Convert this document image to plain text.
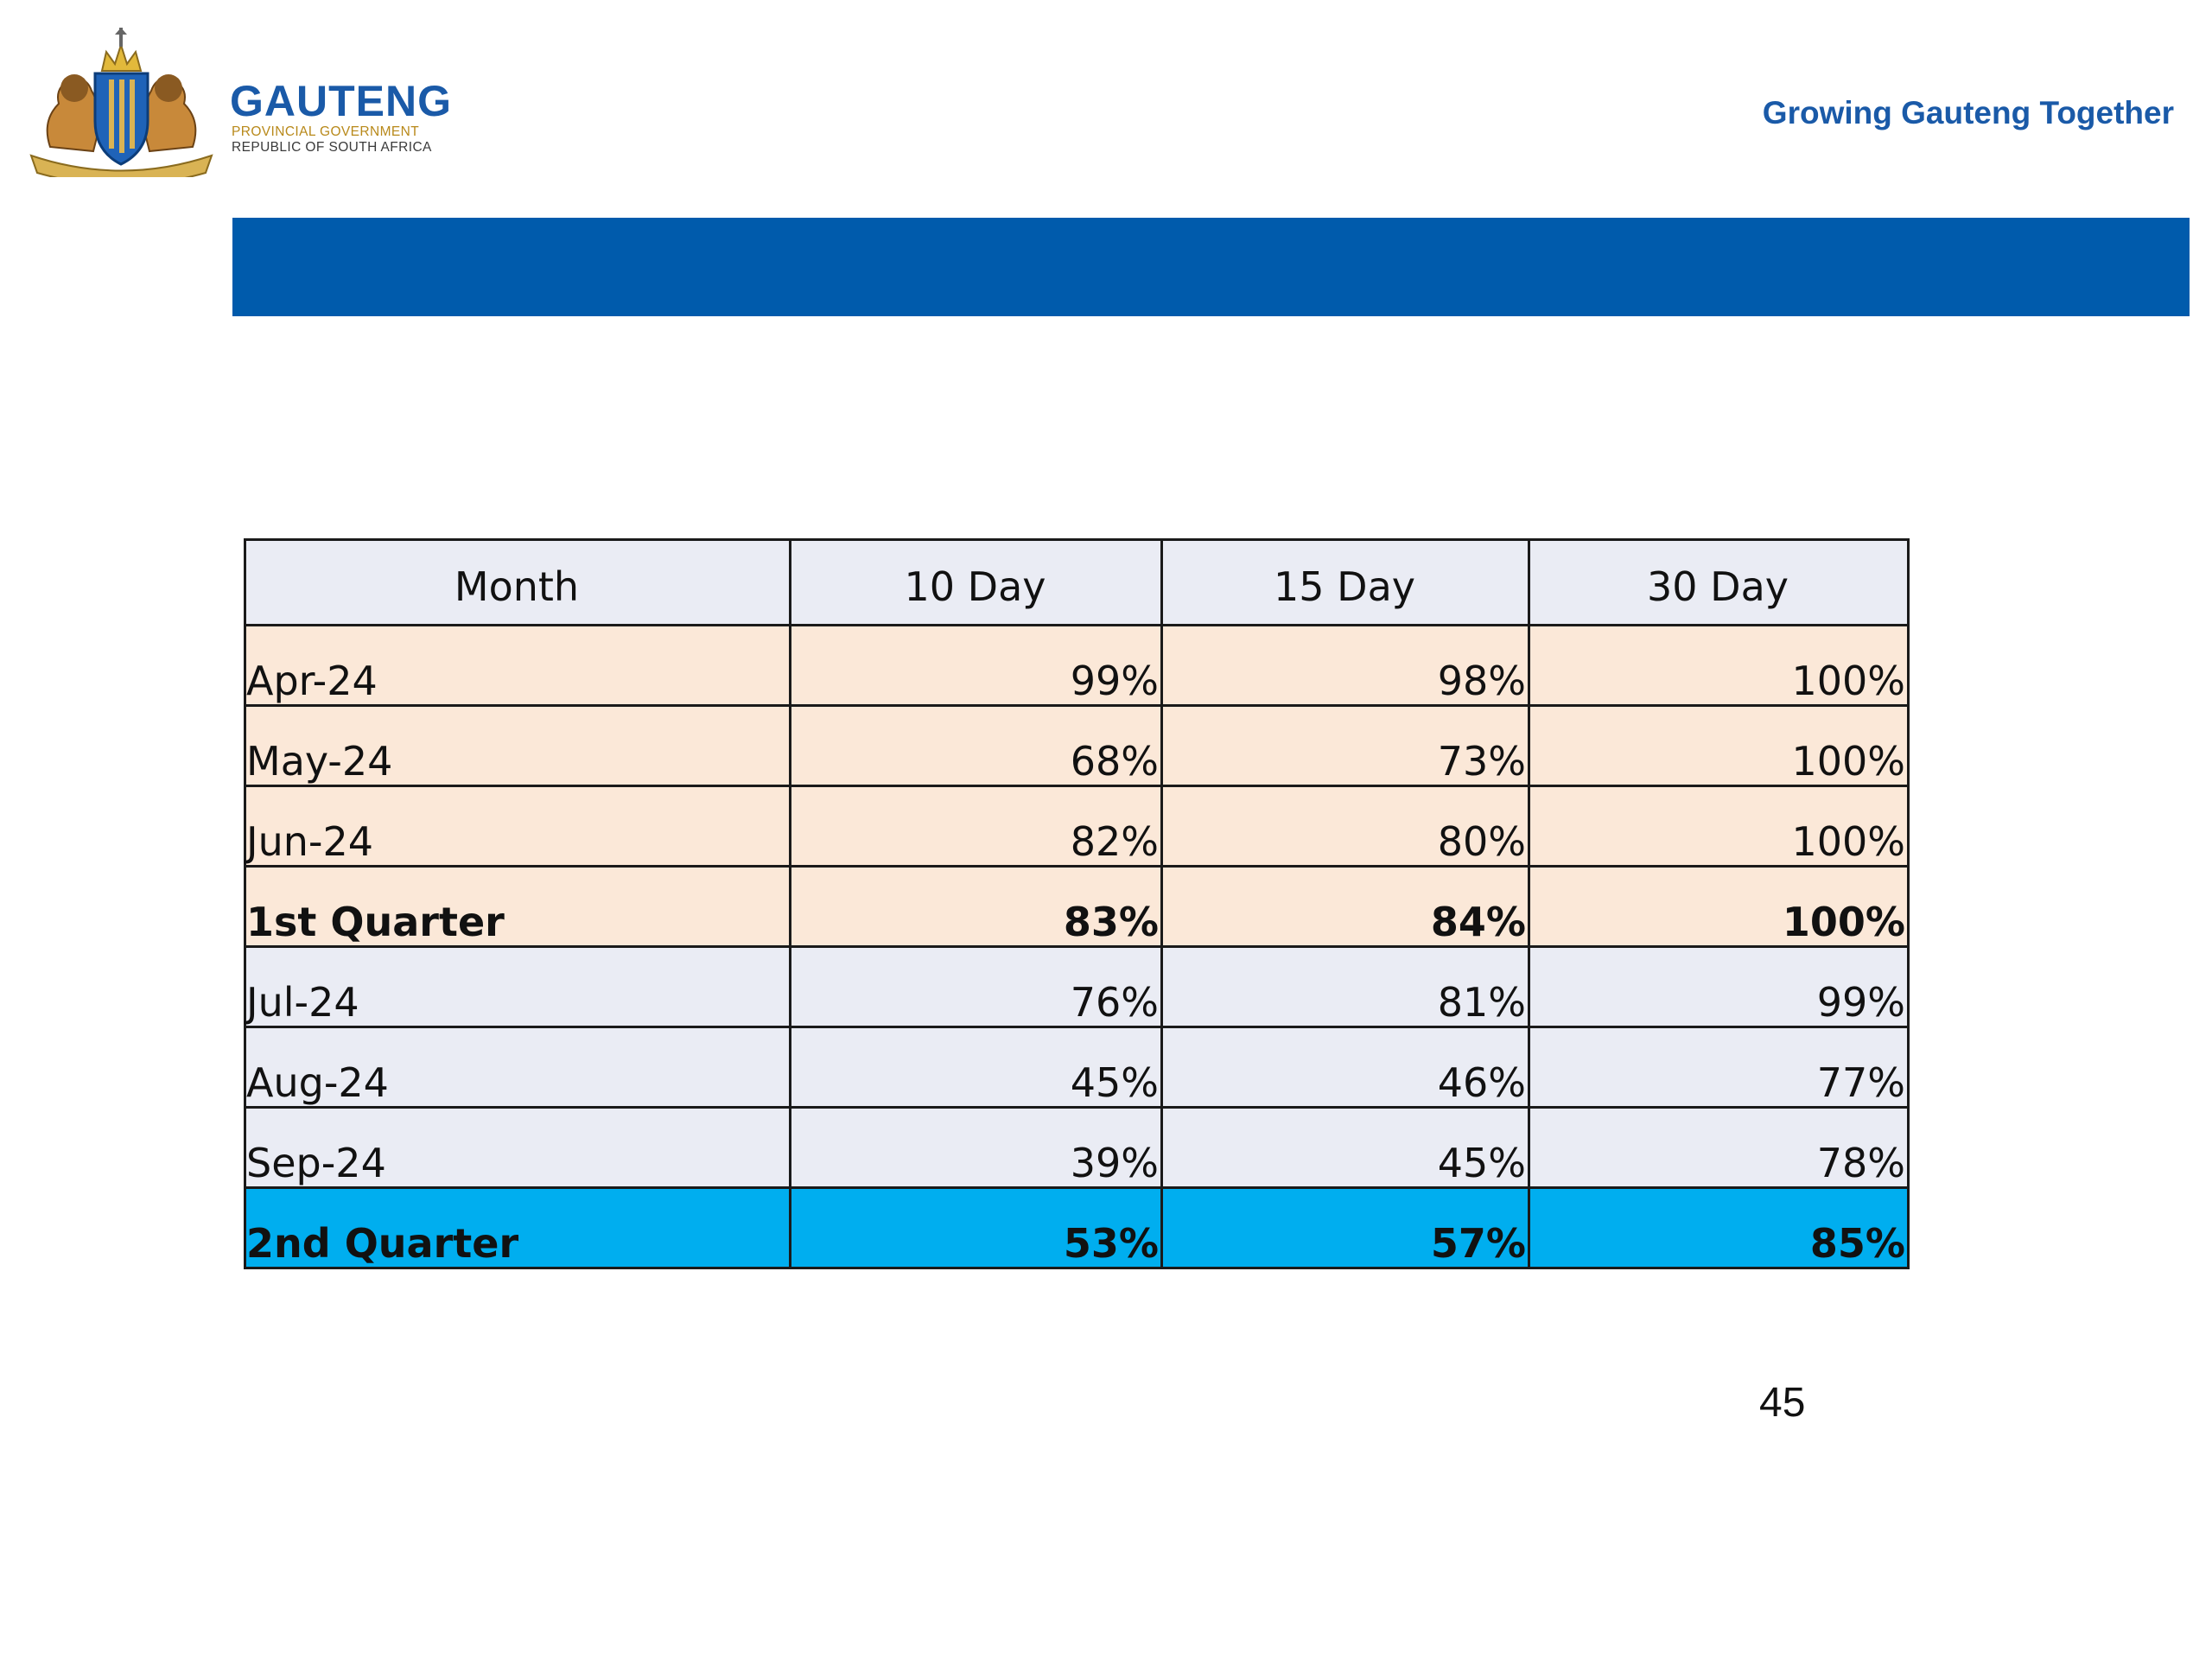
GAUTENG
PROVINCIAL GOVERNMENT
REPUBLIC OF SOUTH AFRICA
Growing Gauteng Together
Month	10 Day	15 Day	30 Day
Apr-24	99%	98%	100%
May-24	68%	73%	100%
Jun-24	82%	80%	100%
1st Quarter	83%	84%	100%
Jul-24	76%	81%	99%
Aug-24	45%	46%	77%
Sep-24	39%	45%	78%
2nd Quarter	53%	57%	85%
45
